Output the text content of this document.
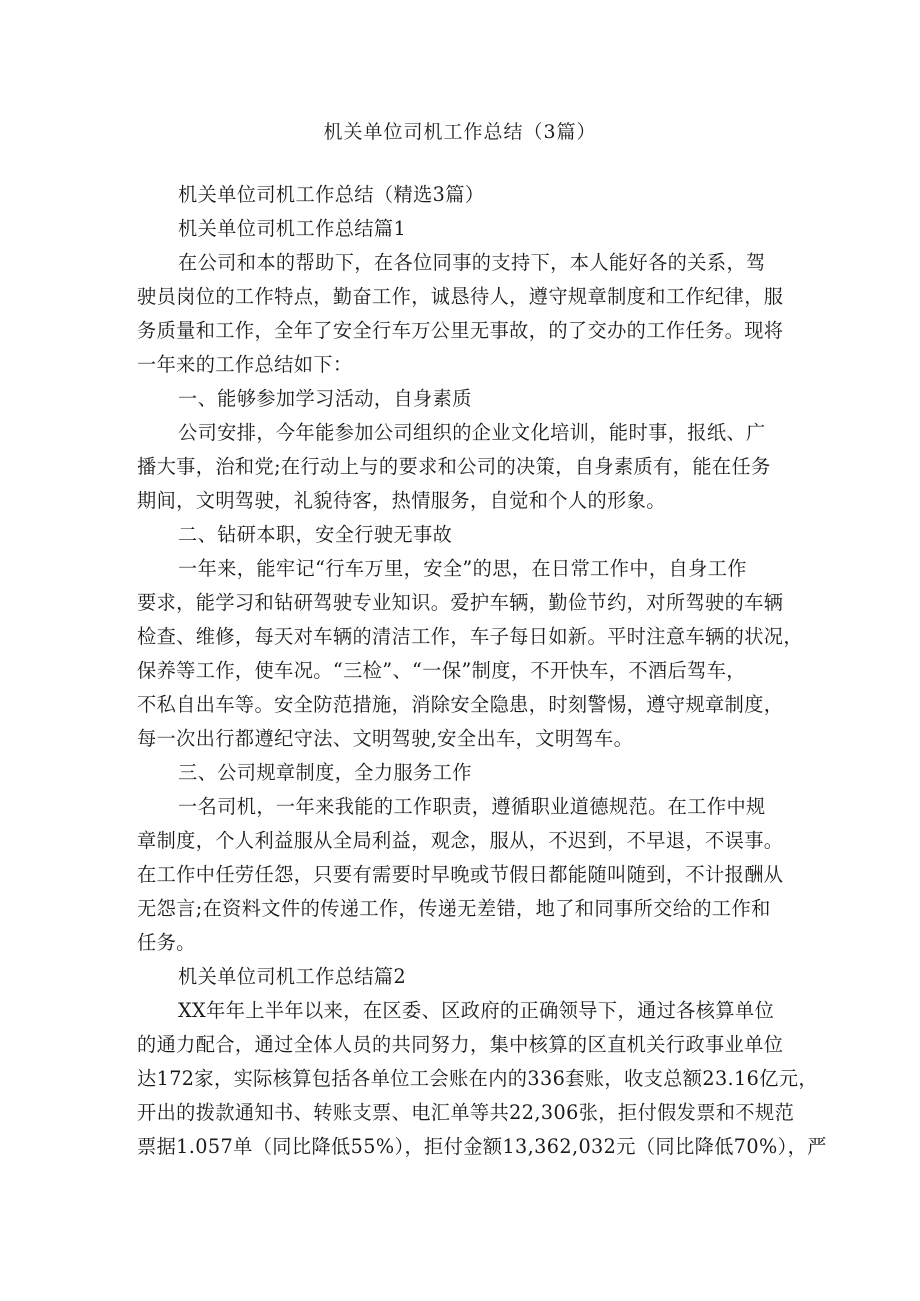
机关单位司机工作总结（3篇）
机关单位司机工作总结（精选3篇）
机关单位司机工作总结篇1
在公司和本的帮助下，在各位同事的支持下，本人能好各的关系，驾
驶员岗位的工作特点，勤奋工作，诚恳待人，遵守规章制度和工作纪律，服
务质量和工作，全年了安全行车万公里无事故，的了交办的工作任务。现将
一年来的工作总结如下：
一、能够参加学习活动，自身素质
公司安排，今年能参加公司组织的企业文化培训，能时事，报纸、广
播大事，治和党;在行动上与的要求和公司的决策，自身素质有，能在任务
期间，文明驾驶，礼貌待客，热情服务，自觉和个人的形象。
二、钻研本职，安全行驶无事故
一年来，能牢记“行车万里，安全”的思，在日常工作中，自身工作
要求，能学习和钻研驾驶专业知识。爱护车辆，勤俭节约，对所驾驶的车辆
检查、维修，每天对车辆的清洁工作，车子每日如新。平时注意车辆的状况，
保养等工作，使车况。“三检”、“一保”制度，不开快车，不酒后驾车，
不私自出车等。安全防范措施，消除安全隐患，时刻警惕，遵守规章制度，
每一次出行都遵纪守法、文明驾驶,安全出车，文明驾车。
三、公司规章制度，全力服务工作
一名司机，一年来我能的工作职责，遵循职业道德规范。在工作中规
章制度，个人利益服从全局利益，观念，服从，不迟到，不早退，不误事。
在工作中任劳任怨，只要有需要时早晚或节假日都能随叫随到，不计报酬从
无怨言;在资料文件的传递工作，传递无差错，地了和同事所交给的工作和
任务。
机关单位司机工作总结篇2
XX年年上半年以来，在区委、区政府的正确领导下，通过各核算单位
的通力配合，通过全体人员的共同努力，集中核算的区直机关行政事业单位
达172家，实际核算包括各单位工会账在内的336套账，收支总额23.16亿元，
开出的拨款通知书、转账支票、电汇单等共22,306张，拒付假发票和不规范
票据1.057单（同比降低55%），拒付金额13,362,032元（同比降低70%），严
